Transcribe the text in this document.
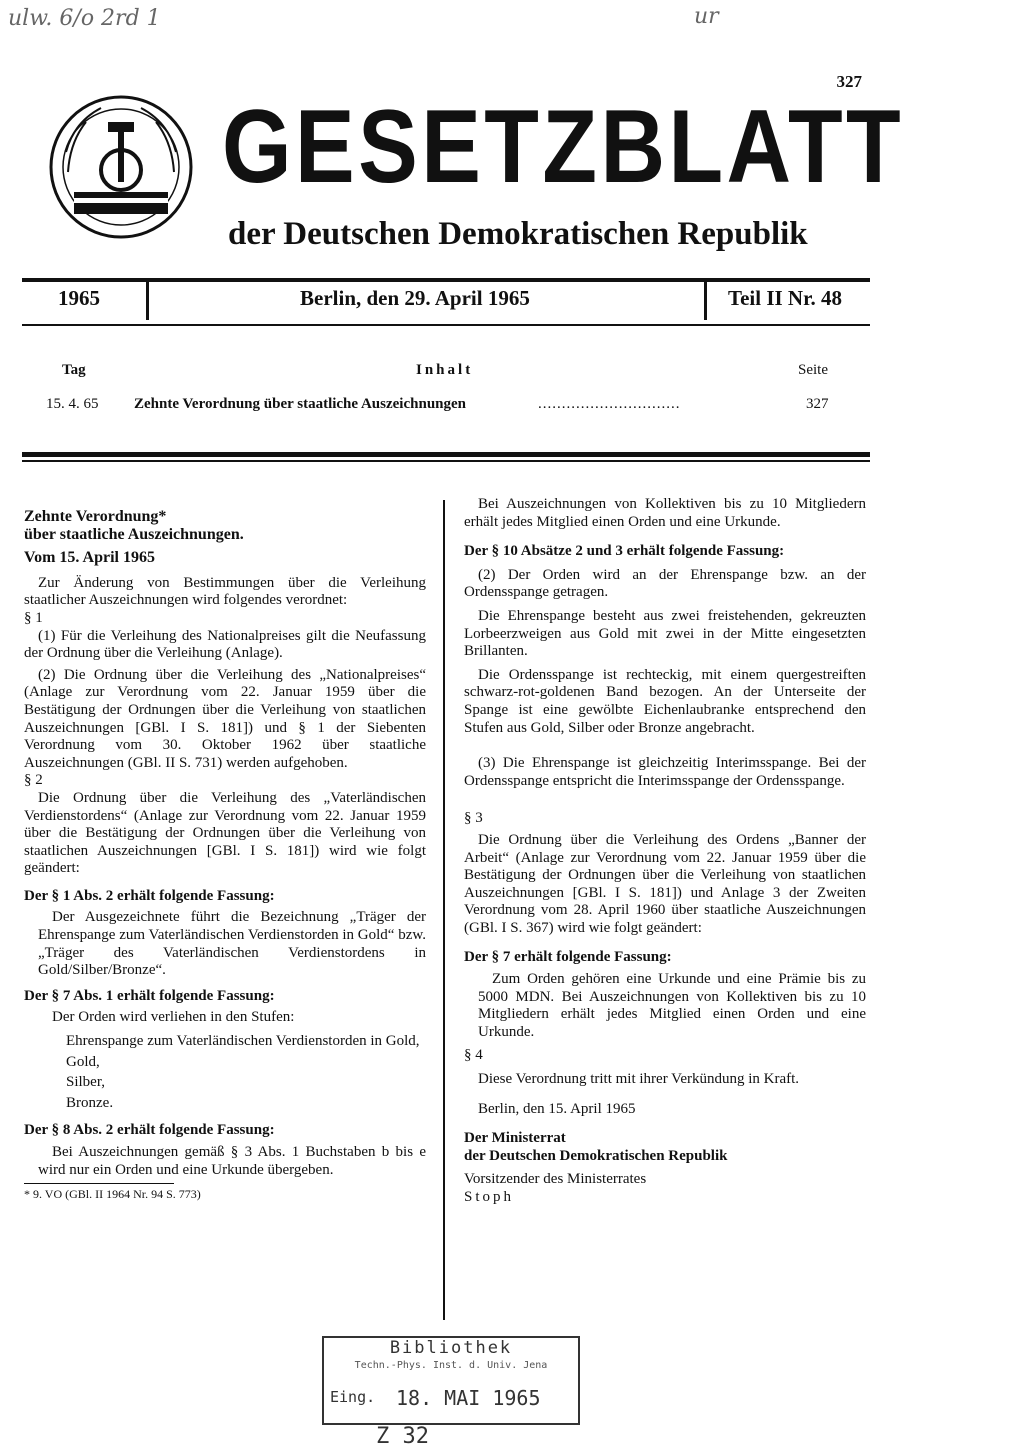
ulw. 6/o 2rd 1	ur
327
GESETZBLATT
der Deutschen Demokratischen Republik
1965	Berlin, den 29. April 1965	Teil II Nr. 48
Tag	Inhalt	Seite
15. 4. 65 Zehnte Verordnung über staatliche Auszeichnungen	..............................	327

Zehnte Verordnung*

über staatliche Auszeichnungen.

Vom 15. April 1965

Zur Änderung von Bestimmungen über die Verleihung staatlicher Auszeichnungen wird folgendes verordnet:

§ 1

(1) Für die Verleihung des Nationalpreises gilt die Neufassung der Ordnung über die Verleihung (Anlage).

(2) Die Ordnung über die Verleihung des „Nationalpreises“ (Anlage zur Verordnung vom 22. Januar 1959 über die Bestätigung der Ordnungen über die Verleihung von staatlichen Auszeichnungen [GBl. I S. 181]) und § 1 der Siebenten Verordnung vom 30. Oktober 1962 über staatliche Auszeichnungen (GBl. II S. 731) werden aufgehoben.

§ 2

Die Ordnung über die Verleihung des „Vaterländischen Verdienstordens“ (Anlage zur Verordnung vom 22. Januar 1959 über die Bestätigung der Ordnungen über die Verleihung von staatlichen Auszeichnungen [GBl. I S. 181]) wird wie folgt geändert:

Der § 1 Abs. 2 erhält folgende Fassung:

Der Ausgezeichnete führt die Bezeichnung „Träger der Ehrenspange zum Vaterländischen Verdienstorden in Gold“ bzw. „Träger des Vaterländischen Verdienstordens in Gold/Silber/Bronze“.

Der § 7 Abs. 1 erhält folgende Fassung:

Der Orden wird verliehen in den Stufen:

Ehrenspange zum Vaterländischen Verdienstorden in Gold,

Gold,

Silber,

Bronze.

Der § 8 Abs. 2 erhält folgende Fassung:

Bei Auszeichnungen gemäß § 3 Abs. 1 Buchstaben b bis e wird nur ein Orden und eine Urkunde übergeben.

* 9. VO (GBl. II 1964 Nr. 94 S. 773)

Bei Auszeichnungen von Kollektiven bis zu 10 Mitgliedern erhält jedes Mitglied einen Orden und eine Urkunde.

Der § 10 Absätze 2 und 3 erhält folgende Fassung:

(2) Der Orden wird an der Ehrenspange bzw. an der Ordensspange getragen.

Die Ehrenspange besteht aus zwei freistehenden, gekreuzten Lorbeerzweigen aus Gold mit zwei in der Mitte eingesetzten Brillanten.

Die Ordensspange ist rechteckig, mit einem quergestreiften schwarz-rot-goldenen Band bezogen. An der Unterseite der Spange ist eine gewölbte Eichenlaubranke entsprechend den Stufen aus Gold, Silber oder Bronze angebracht.

(3) Die Ehrenspange ist gleichzeitig Interimsspange. Bei der Ordensspange entspricht die Interimsspange der Ordensspange.

§ 3

Die Ordnung über die Verleihung des Ordens „Banner der Arbeit“ (Anlage zur Verordnung vom 22. Januar 1959 über die Bestätigung der Ordnungen über die Verleihung von staatlichen Auszeichnungen [GBl. I S. 181]) und Anlage 3 der Zweiten Verordnung vom 28. April 1960 über staatliche Auszeichnungen (GBl. I S. 367) wird wie folgt geändert:

Der § 7 erhält folgende Fassung:

Zum Orden gehören eine Urkunde und eine Prämie bis zu 5000 MDN. Bei Auszeichnungen von Kollektiven bis zu 10 Mitgliedern erhält jedes Mitglied einen Orden und eine Urkunde.

§ 4

Diese Verordnung tritt mit ihrer Verkündung in Kraft.

Berlin, den 15. April 1965

Der Ministerrat

der Deutschen Demokratischen Republik

Vorsitzender des Ministerrates

Stoph

Bibliothek
Techn.-Phys. Inst. d. Univ. Jena
Eing. 18. MAI 1965
Z 32
